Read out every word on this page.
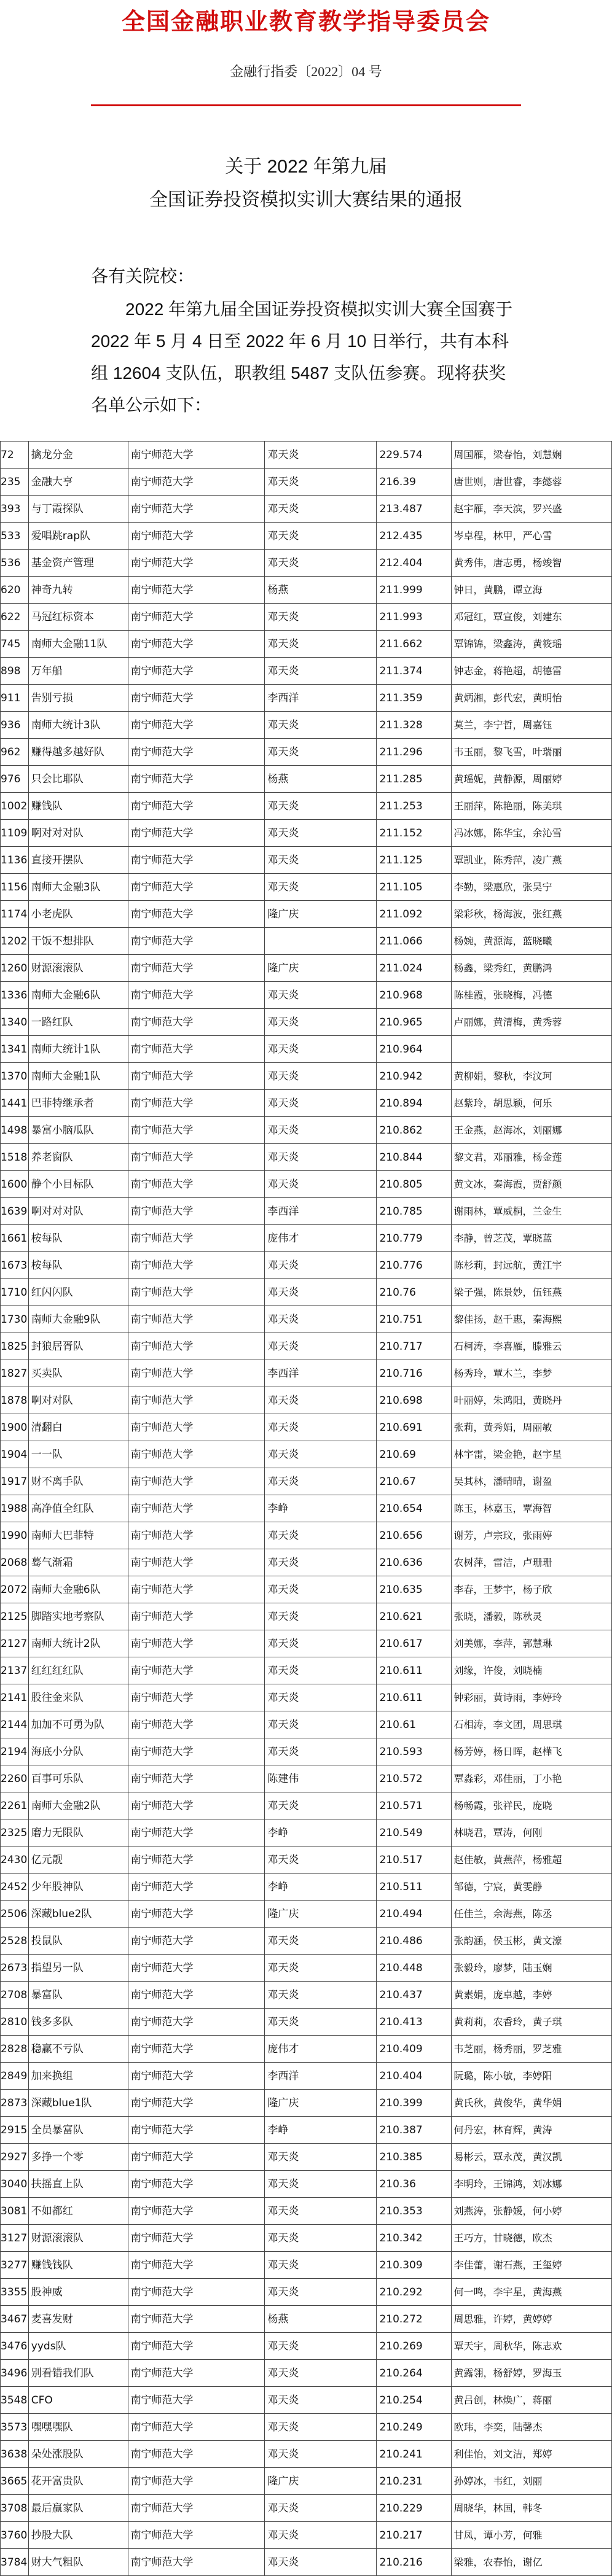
全国金融职业教育教学指导委员会
金融行指委〔2022〕04 号
关于 2022 年第九届
全国证券投资模拟实训大赛结果的通报
各有关院校：
2022 年第九届全国证券投资模拟实训大赛全国赛于 2022 年 5 月 4 日至 2022 年 6 月 10 日举行，共有本科组 12604 支队伍，职教组 5487 支队伍参赛。现将获奖名单公示如下：
72	擒龙分金	南宁师范大学	邓天炎	229.574	周国雁，梁春怡，刘慧娴
235	金融大亨	南宁师范大学	邓天炎	216.39	唐世则，唐世睿，李懿蓉
393	与丁霞探队	南宁师范大学	邓天炎	213.487	赵宇雁，李天滨，罗兴盛
533	爱唱跳rap队	南宁师范大学	邓天炎	212.435	岑卓程，林甲，严心雪
536	基金资产管理	南宁师范大学	邓天炎	212.404	黄秀伟，唐志勇，杨竣智
620	神奇九转	南宁师范大学	杨燕	211.999	钟日，黄鹏，谭立海
622	马冠红标资本	南宁师范大学	邓天炎	211.993	邓冠红，覃宣俊，刘建东
745	南师大金融11队	南宁师范大学	邓天炎	211.662	覃锦锦，梁鑫涛，黄筱瑶
898	万年船	南宁师范大学	邓天炎	211.374	钟志金，蒋艳超，胡德雷
911	告别亏损	南宁师范大学	李西洋	211.359	黄炳湘，彭代宏，黄明怡
936	南师大统计3队	南宁师范大学	邓天炎	211.328	莫兰，李宁哲，周嘉钰
962	赚得越多越好队	南宁师范大学	邓天炎	211.296	韦玉丽，黎飞雪，叶瑞丽
976	只会比耶队	南宁师范大学	杨燕	211.285	黄瑶妮，黄静源，周丽婷
1002	赚钱队	南宁师范大学	邓天炎	211.253	王丽萍，陈艳丽，陈美琪
1109	啊对对对队	南宁师范大学	邓天炎	211.152	冯冰娜，陈华宝，余沁雪
1136	直接开摆队	南宁师范大学	邓天炎	211.125	覃凯业，陈秀萍，凌广燕
1156	南师大金融3队	南宁师范大学	邓天炎	211.105	李勤，梁惠欣，张昊宁
1174	小老虎队	南宁师范大学	隆广庆	211.092	梁彩秋，杨海波，张红燕
1202	干饭不想排队	南宁师范大学		211.066	杨婉，黄源海，蓝晓曦
1260	财源滚滚队	南宁师范大学	隆广庆	211.024	杨鑫，梁秀红，黄鹏鸿
1336	南师大金融6队	南宁师范大学	邓天炎	210.968	陈桂霞，张晓梅，冯德
1340	一路红队	南宁师范大学	邓天炎	210.965	卢丽娜，黄清梅，黄秀蓉
1341	南师大统计1队	南宁师范大学	邓天炎	210.964	
1370	南师大金融1队	南宁师范大学	邓天炎	210.942	黄柳娟，黎秋，李汶珂
1441	巴菲特继承者	南宁师范大学	邓天炎	210.894	赵紫玲，胡思颖，何乐
1498	暴富小脑瓜队	南宁师范大学	邓天炎	210.862	王金燕，赵海冰，刘丽娜
1518	养老窗队	南宁师范大学	邓天炎	210.844	黎文君，邓丽雅，杨金莲
1600	静个小目标队	南宁师范大学	邓天炎	210.805	黄文冰，秦海霞，贾舒颜
1639	啊对对对队	南宁师范大学	李西洋	210.785	谢雨林，覃威桐，兰金生
1661	桉每队	南宁师范大学	庞伟才	210.779	李静，曾芝茂，覃晓蓝
1673	桉每队	南宁师范大学	邓天炎	210.776	陈杉莉，封远航，黄江宇
1710	红闪闪队	南宁师范大学	邓天炎	210.76	梁子强，陈景妙，伍钰燕
1730	南师大金融9队	南宁师范大学	邓天炎	210.751	黎佳扬，赵千惠，秦海熙
1825	封狼居胥队	南宁师范大学	邓天炎	210.717	石柯涛，李喜雁，滕雅云
1827	买卖队	南宁师范大学	李西洋	210.716	杨秀玲，覃木兰，李梦
1878	啊对对队	南宁师范大学	邓天炎	210.698	叶丽婷，朱鸿阳，黄晓丹
1900	清翻白	南宁师范大学	邓天炎	210.691	张莉，黄秀娟，周丽敏
1904	一一队	南宁师范大学	邓天炎	210.69	林宇雷，梁金艳，赵宇星
1917	财不离手队	南宁师范大学	邓天炎	210.67	吴其林，潘晴晴，谢盈
1988	高净值全红队	南宁师范大学	李峥	210.654	陈玉，林嘉玉，覃海智
1990	南师大巴菲特	南宁师范大学	邓天炎	210.656	谢芳，卢宗玟，张雨婷
2068	蓦气渐霜	南宁师范大学	邓天炎	210.636	农树萍，雷洁，卢珊珊
2072	南师大金融6队	南宁师范大学	邓天炎	210.635	李春，王梦宇，杨子欣
2125	脚踏实地考察队	南宁师范大学	邓天炎	210.621	张晓，潘毅，陈秋灵
2127	南师大统计2队	南宁师范大学	邓天炎	210.617	刘美娜，李萍，郭慧琳
2137	红红红红队	南宁师范大学	邓天炎	210.611	刘缘，许俊，刘晓楠
2141	股往金来队	南宁师范大学	邓天炎	210.611	钟彩丽，黄诗雨，李婷玲
2144	加加不可勇为队	南宁师范大学	邓天炎	210.61	石相涛，李文团，周思琪
2194	海底小分队	南宁师范大学	邓天炎	210.593	杨芳婷，杨日晖，赵樺飞
2260	百事可乐队	南宁师范大学	陈建伟	210.572	覃淼彩，邓佳丽，丁小艳
2261	南师大金融2队	南宁师范大学	邓天炎	210.571	杨畅霞，张祥民，庞晓
2325	磨力无限队	南宁师范大学	李峥	210.549	林晓君，覃涛，何刚
2430	亿元靓	南宁师范大学	邓天炎	210.517	赵佳敏，黄燕萍，杨雅超
2452	少年股神队	南宁师范大学	李峥	210.511	邹德，宁宸，黄雯静
2506	深藏blue2队	南宁师范大学	隆广庆	210.494	任佳兰，余海燕，陈丞
2528	投鼠队	南宁师范大学	邓天炎	210.486	张韵涵，侯玉彬，黄文濠
2673	指望另一队	南宁师范大学	邓天炎	210.448	张毅玲，廖梦，陆玉娴
2708	暴富队	南宁师范大学	邓天炎	210.437	黄素娟，庞卓越，李婷
2810	钱多多队	南宁师范大学	邓天炎	210.413	黄莉莉，农香玲，黄子琪
2828	稳赢不亏队	南宁师范大学	庞伟才	210.409	韦芝丽，杨秀丽，罗芝雅
2849	加来换组	南宁师范大学	李西洋	210.404	阮璐，陈小敏，李婷阳
2873	深藏blue1队	南宁师范大学	隆广庆	210.399	黄氏秋，黄俊华，黄华娟
2915	全员暴富队	南宁师范大学	李峥	210.387	何丹宏，林育辉，黄涛
2927	多挣一个零	南宁师范大学	邓天炎	210.385	易彬云，覃永茂，黄汉凯
3040	扶摇直上队	南宁师范大学	邓天炎	210.36	李明玲，王锦鸿，刘冰娜
3081	不如都红	南宁师范大学	邓天炎	210.353	刘燕涛，张静媛，何小婷
3127	财源滚滚队	南宁师范大学	邓天炎	210.342	王巧方，甘晓德，欧杰
3277	赚钱钱队	南宁师范大学	邓天炎	210.309	李佳蕾，谢石燕，王玺婷
3355	股神威	南宁师范大学	邓天炎	210.292	何一鸣，李宇星，黄海燕
3467	麦喜发财	南宁师范大学	杨燕	210.272	周思雅，许婷，黄婷婷
3476	yyds队	南宁师范大学	邓天炎	210.269	覃天宇，周秋华，陈志欢
3496	别看错我们队	南宁师范大学	邓天炎	210.264	黄露翎，杨舒婷，罗海玉
3548	CFO	南宁师范大学	邓天炎	210.254	黄吕创，林焕广，蒋丽
3573	嘿嘿嘿队	南宁师范大学	邓天炎	210.249	欧玮，李奕，陆馨杰
3638	朵处涨股队	南宁师范大学	邓天炎	210.241	利佳怡，刘文洁，郑婷
3665	花开富贵队	南宁师范大学	隆广庆	210.231	孙婷冰，韦红，刘丽
3708	最后赢家队	南宁师范大学	邓天炎	210.229	周晓华，林国，韩冬
3760	抄股大队	南宁师范大学	邓天炎	210.217	甘凤，谭小芳，何雅
3784	财大气粗队	南宁师范大学	邓天炎	210.216	梁雅，农春怡，谢亿
